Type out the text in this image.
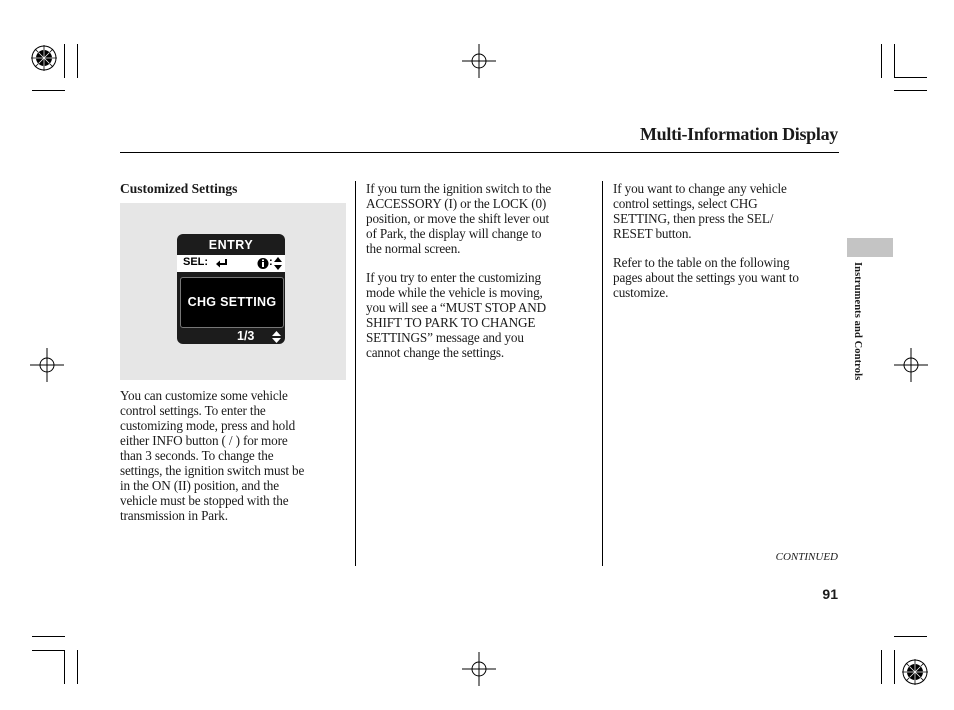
Multi-Information Display
Customized Settings
ENTRY
SEL:	:
CHG SETTING
1/3
You can customize some vehicle
control settings. To enter the
customizing mode, press and hold
either INFO button ( / ) for more
than 3 seconds. To change the
settings, the ignition switch must be
in the ON (II) position, and the
vehicle must be stopped with the
transmission in Park.

If you turn the ignition switch to the
ACCESSORY (I) or the LOCK (0)
position, or move the shift lever out
of Park, the display will change to
the normal screen.

If you try to enter the customizing
mode while the vehicle is moving,
you will see a “MUST STOP AND
SHIFT TO PARK TO CHANGE
SETTINGS” message and you
cannot change the settings.

If you want to change any vehicle
control settings, select CHG
SETTING, then press the SEL/
RESET button.

Refer to the table on the following
pages about the settings you want to
customize.	Instruments and Controls
CONTINUED
91
